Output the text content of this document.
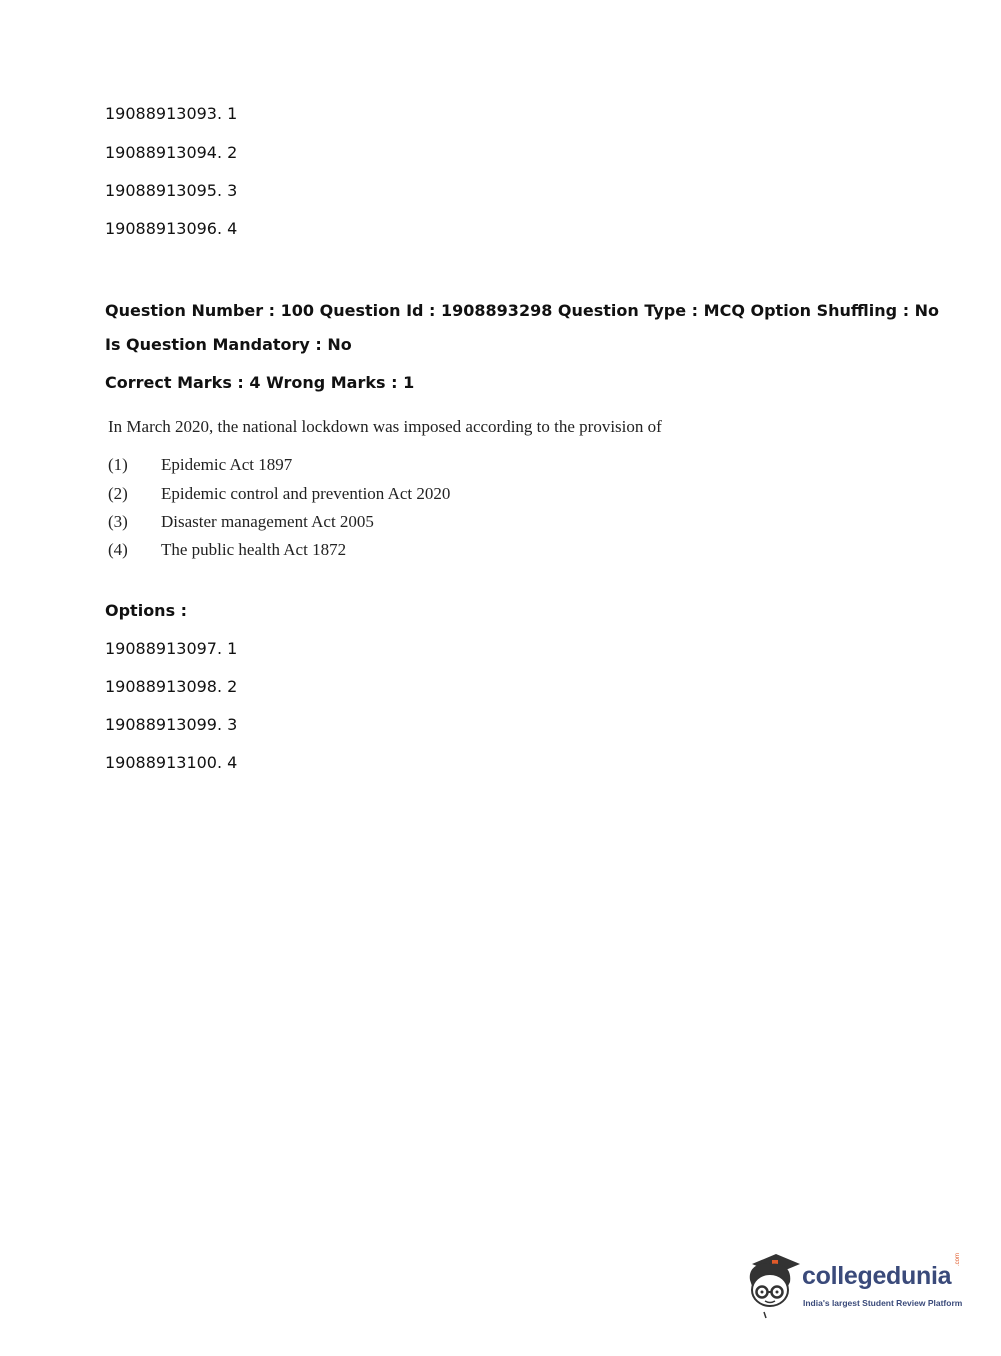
19088913093. 1
19088913094. 2
19088913095. 3
19088913096. 4
Question Number : 100 Question Id : 1908893298 Question Type : MCQ Option Shuffling : No
Is Question Mandatory : No
Correct Marks : 4 Wrong Marks : 1
In March 2020, the national lockdown was imposed according to the provision of
(1) Epidemic Act 1897
(2) Epidemic control and prevention Act 2020
(3) Disaster management Act 2005
(4) The public health Act 1872
Options :
19088913097. 1
19088913098. 2
19088913099. 3
19088913100. 4
collegedunia
.com
India's largest Student Review Platform
